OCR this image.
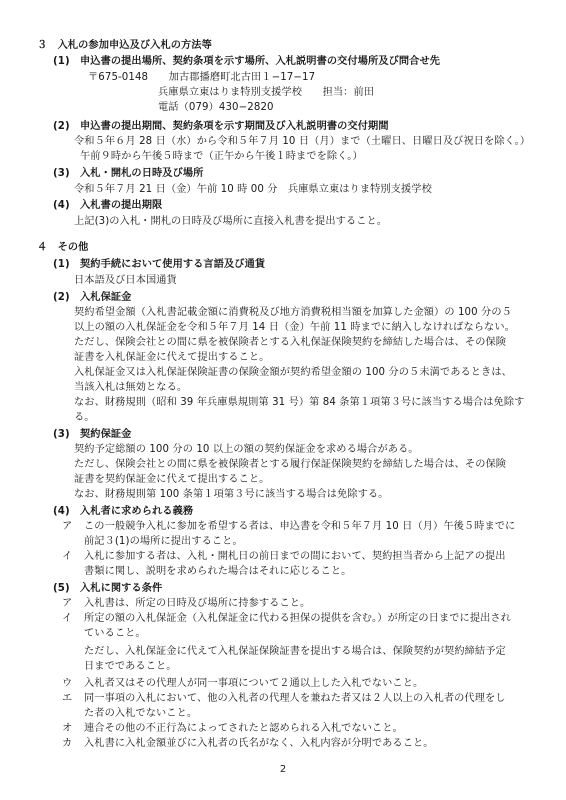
３　入札の参加申込及び入札の方法等
(1)　申込書の提出場所、契約条項を示す場所、入札説明書の交付場所及び問合せ先
〒675-0148　　加古郡播磨町北古田１−17−17
兵庫県立東はりま特別支援学校　　担当：前田
電話（079）430−2820
(2)　申込書の提出期間、契約条項を示す期間及び入札説明書の交付期間
令和５年６月 28 日（水）から令和５年７月 10 日（月）まで（土曜日、日曜日及び祝日を除く。）
午前９時から午後５時まで（正午から午後１時までを除く。）
(3)　入札・開札の日時及び場所
令和５年７月 21 日（金）午前 10 時 00 分　兵庫県立東はりま特別支援学校
(4)　入札書の提出期限
上記(3)の入札・開札の日時及び場所に直接入札書を提出すること。
４　その他
(1)　契約手続において使用する言語及び通貨
日本語及び日本国通貨
(2)　入札保証金
契約希望金額（入札書記載金額に消費税及び地方消費税相当額を加算した金額）の 100 分の５
以上の額の入札保証金を令和５年７月 14 日（金）午前 11 時までに納入しなければならない。
ただし、保険会社との間に県を被保険者とする入札保証保険契約を締結した場合は、その保険
証書を入札保証金に代えて提出すること。
入札保証金又は入札保証保険証書の保険金額が契約希望金額の 100 分の５未満であるときは、
当該入札は無効となる。
なお、財務規則（昭和 39 年兵庫県規則第 31 号）第 84 条第１項第３号に該当する場合は免除す
る。
(3)　契約保証金
契約予定総額の 100 分の 10 以上の額の契約保証金を求める場合がある。
ただし、保険会社との間に県を被保険者とする履行保証保険契約を締結した場合は、その保険
証書を契約保証金に代えて提出すること。
なお、財務規則第 100 条第１項第３号に該当する場合は免除する。
(4)　入札者に求められる義務
ア この一般競争入札に参加を希望する者は、申込書を令和５年７月 10 日（月）午後５時までに
前記３(1)の場所に提出すること。
イ 入札に参加する者は、入札・開札日の前日までの間において、契約担当者から上記アの提出
書類に関し、説明を求められた場合はそれに応じること。
(5)　入札に関する条件
ア 入札書は、所定の日時及び場所に持参すること。
イ 所定の額の入札保証金（入札保証金に代わる担保の提供を含む。）が所定の日までに提出され
ていること。
ただし、入札保証金に代えて入札保証保険証書を提出する場合は、保険契約が契約締結予定
日までであること。
ウ 入札者又はその代理人が同一事項について２通以上した入札でないこと。
エ 同一事項の入札において、他の入札者の代理人を兼ねた者又は２人以上の入札者の代理をし
た者の入札でないこと。
オ 連合その他の不正行為によってされたと認められる入札でないこと。
カ 入札書に入札金額並びに入札者の氏名がなく、入札内容が分明であること。
2
